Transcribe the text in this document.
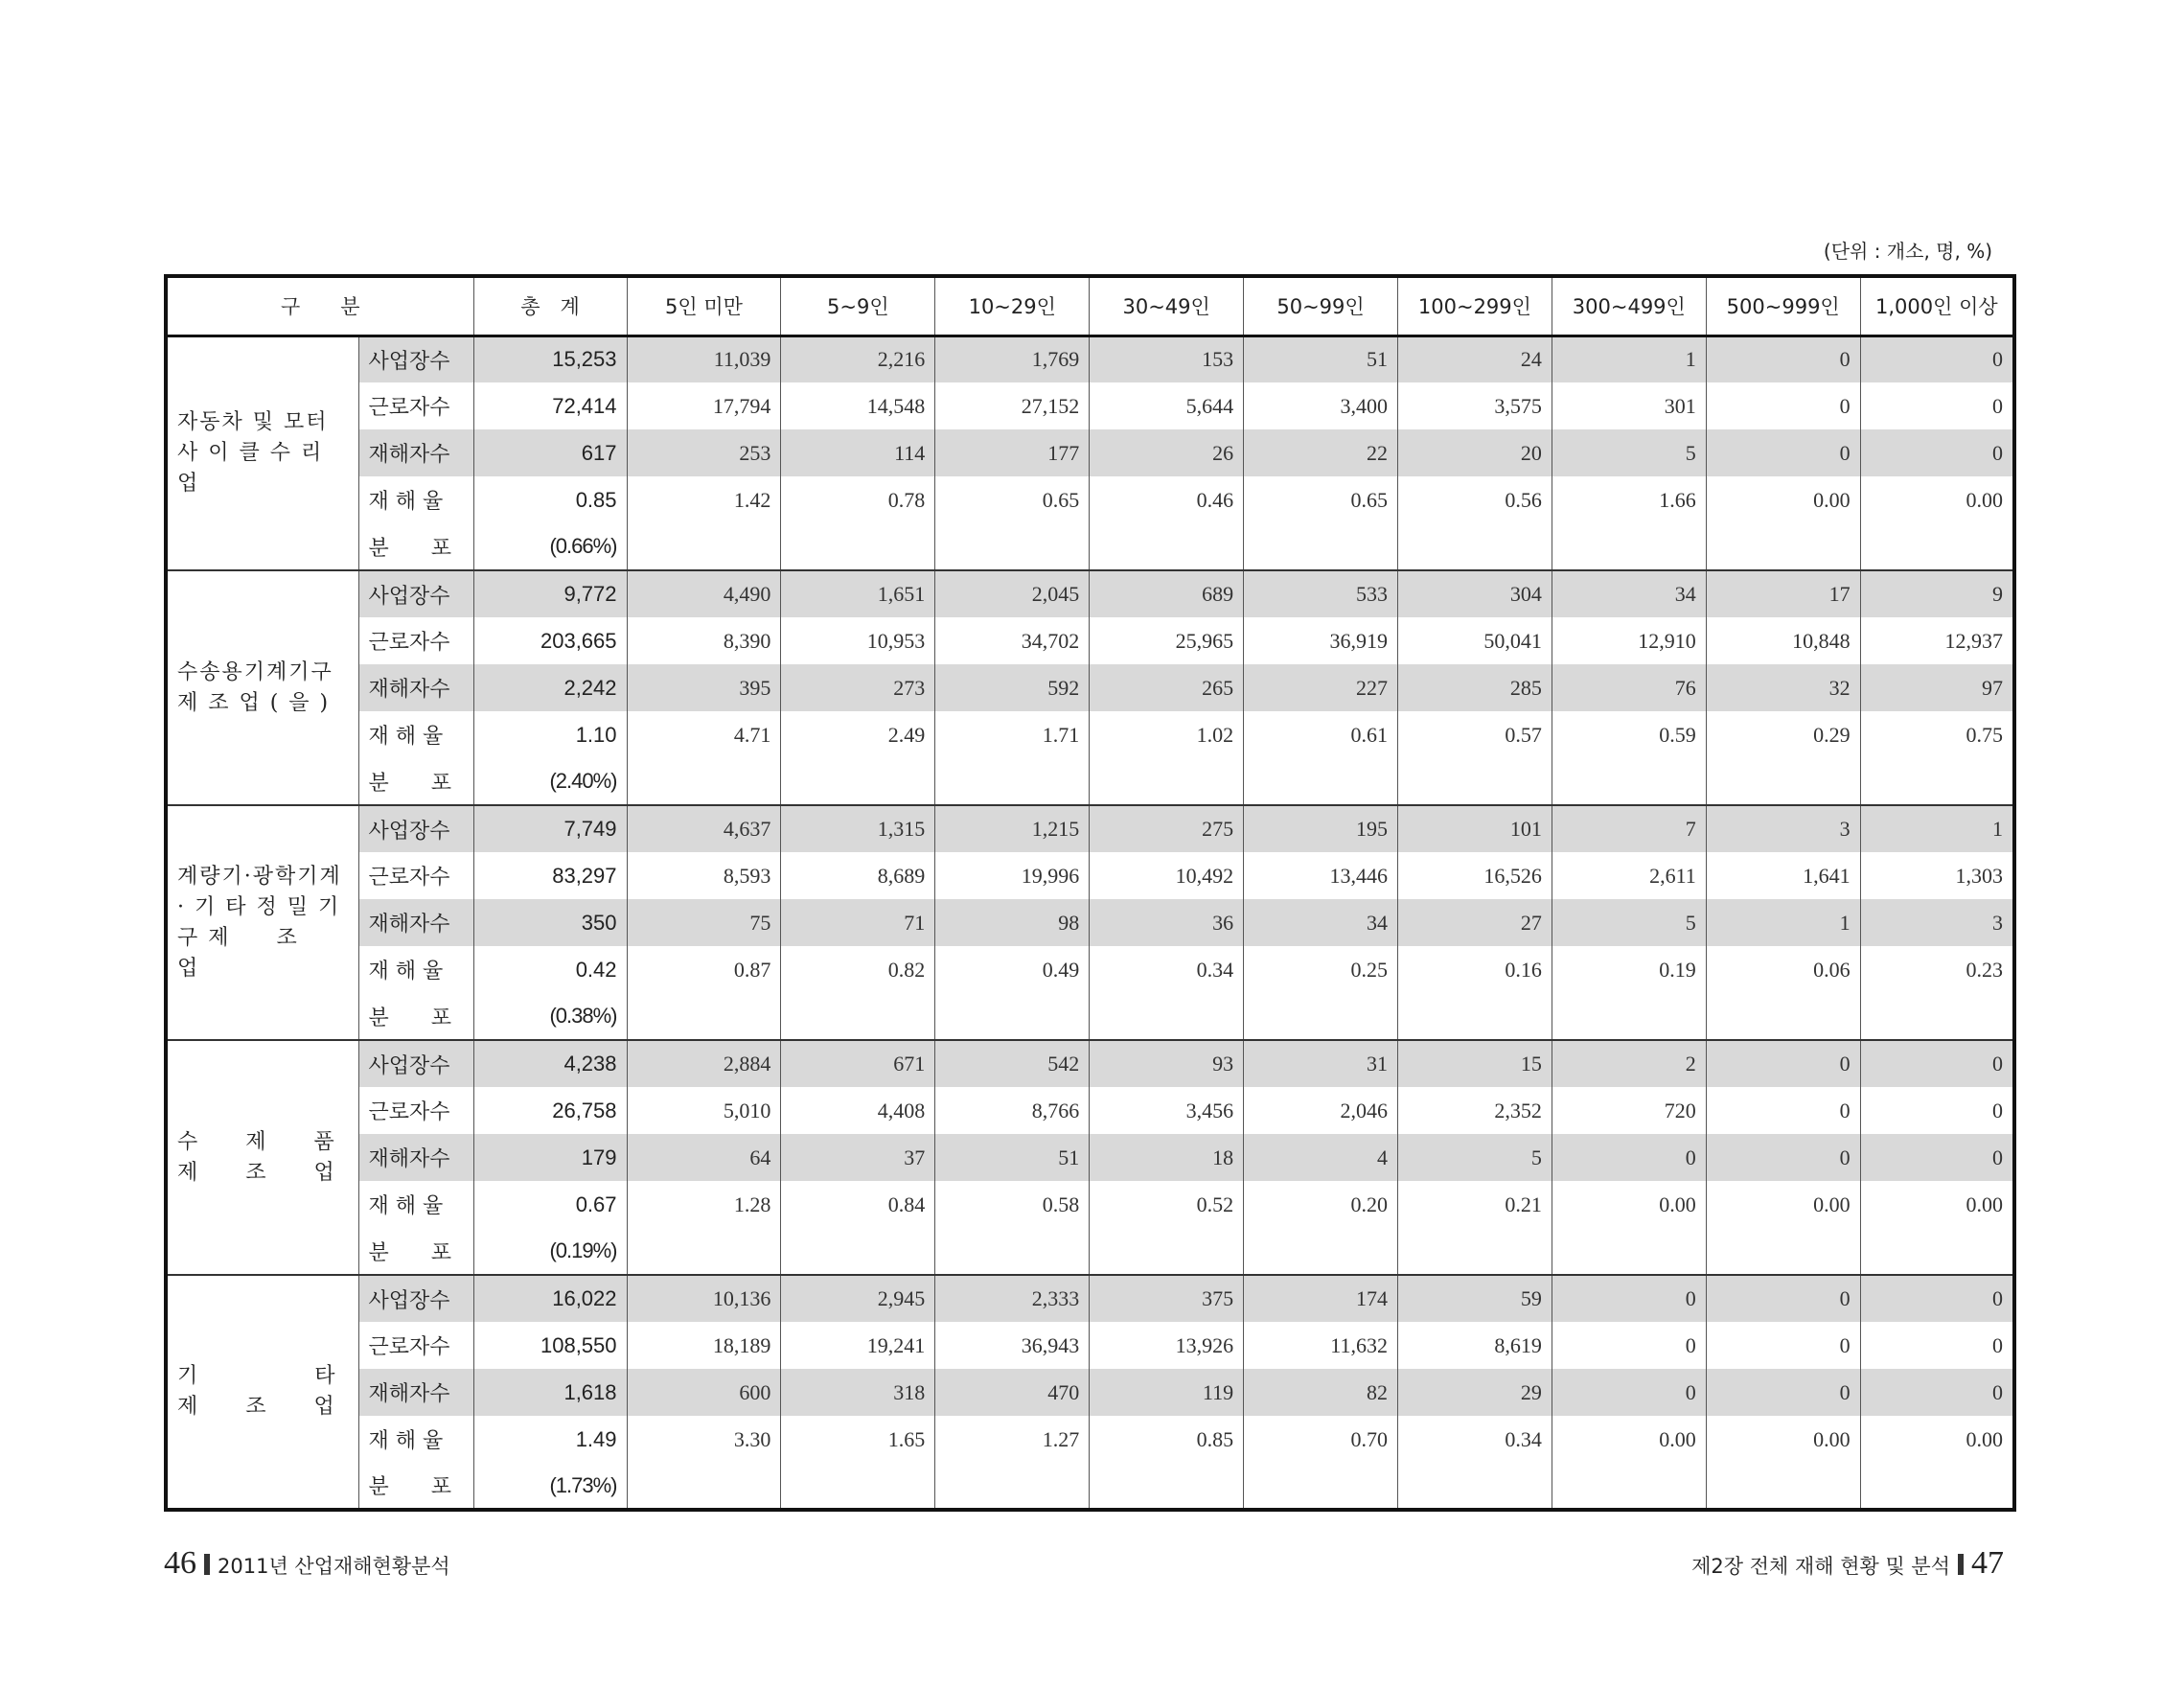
(단위 : 개소, 명, %)
구　　분		총　계	5인 미만	5~9인	10~29인	30~49인	50~99인	100~299인	300~499인	500~999인	1,000인 이상
자동차 및 모터 사 이 클 수 리 업	사업장수	15,253	11,039	2,216	1,769	153	51	24	1	0	0
	근로자수	72,414	17,794	14,548	27,152	5,644	3,400	3,575	301	0	0
	재해자수	617	253	114	177	26	22	20	5	0	0
	재 해 율	0.85	1.42	0.78	0.65	0.46	0.65	0.56	1.66	0.00	0.00
	분　　포	(0.66%)									
수송용기계기구 제 조 업 ( 을 )	사업장수	9,772	4,490	1,651	2,045	689	533	304	34	17	9
	근로자수	203,665	8,390	10,953	34,702	25,965	36,919	50,041	12,910	10,848	12,937
	재해자수	2,242	395	273	592	265	227	285	76	32	97
	재 해 율	1.10	4.71	2.49	1.71	1.02	0.61	0.57	0.59	0.29	0.75
	분　　포	(2.40%)									
계량기·광학기계· 기 타 정 밀 기 구 제　　조　　업	사업장수	7,749	4,637	1,315	1,215	275	195	101	7	3	1
	근로자수	83,297	8,593	8,689	19,996	10,492	13,446	16,526	2,611	1,641	1,303
	재해자수	350	75	71	98	36	34	27	5	1	3
	재 해 율	0.42	0.87	0.82	0.49	0.34	0.25	0.16	0.19	0.06	0.23
	분　　포	(0.38%)									
수　　제　　품 제　　조　　업	사업장수	4,238	2,884	671	542	93	31	15	2	0	0
	근로자수	26,758	5,010	4,408	8,766	3,456	2,046	2,352	720	0	0
	재해자수	179	64	37	51	18	4	5	0	0	0
	재 해 율	0.67	1.28	0.84	0.58	0.52	0.20	0.21	0.00	0.00	0.00
	분　　포	(0.19%)									
기　　　　　타 제　　조　　업	사업장수	16,022	10,136	2,945	2,333	375	174	59	0	0	0
	근로자수	108,550	18,189	19,241	36,943	13,926	11,632	8,619	0	0	0
	재해자수	1,618	600	318	470	119	82	29	0	0	0
	재 해 율	1.49	3.30	1.65	1.27	0.85	0.70	0.34	0.00	0.00	0.00
	분　　포	(1.73%)									
46 2011년 산업재해현황분석	제2장 전체 재해 현황 및 분석 47
